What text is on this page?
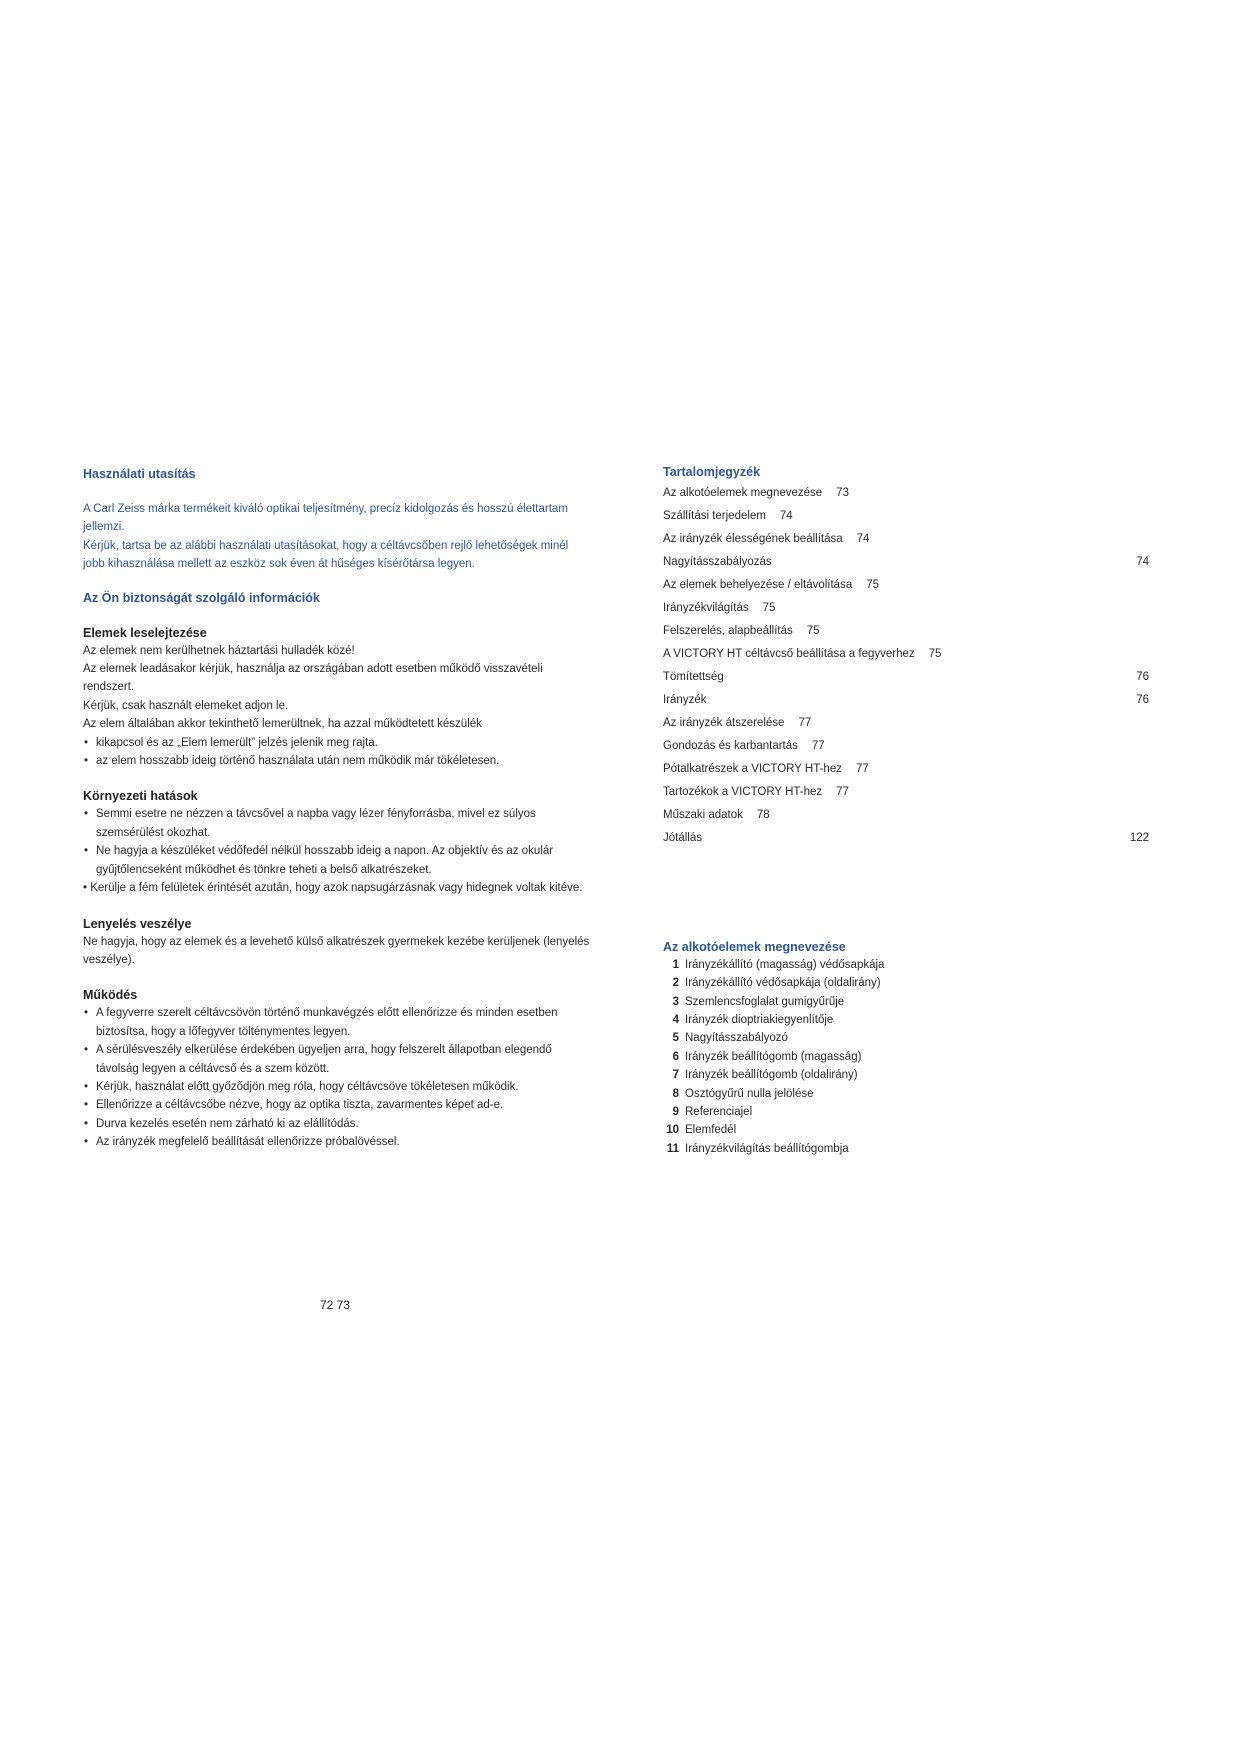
Használati utasítás

A Carl Zeiss márka termékeit kiváló optikai teljesítmény, precíz kidolgozás és hosszú élettartam

jellemzi.

Kérjük, tartsa be az alábbi használati utasításokat, hogy a céltávcsőben rejlő lehetőségek minél

jobb kihasználása mellett az eszköz sok éven át hűséges kísérőtársa legyen.

Az Ön biztonságát szolgáló információk
Elemek leselejtezése

Az elemek nem kerülhetnek háztartási hulladék közé!

Az elemek leadásakor kérjük, használja az országában adott esetben működő visszavételi

rendszert.

Kérjük, csak használt elemeket adjon le.

Az elem általában akkor tekinthető lemerültnek, ha azzal működtetett készülék

• kikapcsol és az „Elem lemerült” jelzés jelenik meg rajta.
• az elem hosszabb ideig történő használata után nem működik már tökéletesen.
Környezeti hatások
• Semmi esetre ne nézzen a távcsővel a napba vagy lézer fényforrásba, mivel ez súlyos
szemsérülést okozhat.
• Ne hagyja a készüléket védőfedél nélkül hosszabb ideig a napon. Az objektív és az okulár
gyűjtőlencseként működhet és tönkre teheti a belső alkatrészeket.

• Kerülje a fém felületek érintését azután, hogy azok napsugárzásnak vagy hidegnek voltak kitéve.

Lenyelés veszélye

Ne hagyja, hogy az elemek és a levehető külső alkatrészek gyermekek kezébe kerüljenek (lenyelés

veszélye).

Működés
• A fegyverre szerelt céltávcsövön történő munkavégzés előtt ellenőrizze és minden esetben
biztosítsa, hogy a lőfegyver tölténymentes legyen.
• A sérülésveszély elkerülése érdekében ügyeljen arra, hogy felszerelt állapotban elegendő
távolság legyen a céltávcső és a szem között.
• Kérjük, használat előtt győződjön meg róla, hogy céltávcsöve tökéletesen működik.
• Ellenőrizze a céltávcsőbe nézve, hogy az optika tiszta, zavarmentes képet ad-e.
• Durva kezelés esetén nem zárható ki az elállítódás.
• Az irányzék megfelelő beállítását ellenőrizze próbalövéssel.
72 73
Tartalomjegyzék
Az alkotóelemek megnevezése 73
Szállítási terjedelem 74
Az irányzék élességének beállítása 74
Nagyításszabályozás	74
Az elemek behelyezése / eltávolítása 75
Irányzékvilágítás 75
Felszerelés, alapbeállítás 75
A VICTORY HT céltávcső beállítása a fegyverhez 75
Tömítettség	76
Irányzék	76
Az irányzék átszerelése 77
Gondozás és karbantartás 77
Pótalkatrészek a VICTORY HT-hez 77
Tartozékok a VICTORY HT-hez 77
Műszaki adatok 78
Jótállás	122
Az alkotóelemek megnevezése
1 Irányzékállító (magasság) védősapkája
2 Irányzékállító védősapkája (oldalirány)
3 Szemlencsfoglalat gumigyűrűje
4 Irányzék dioptriakiegyenlítője
5 Nagyításszabályozó
6 Irányzék beállítógomb (magasság)
7 Irányzék beállítógomb (oldalirány)
8 Osztógyűrű nulla jelölése
9 Referenciajel
10 Elemfedél
11 Irányzékvilágítás beállítógombja
